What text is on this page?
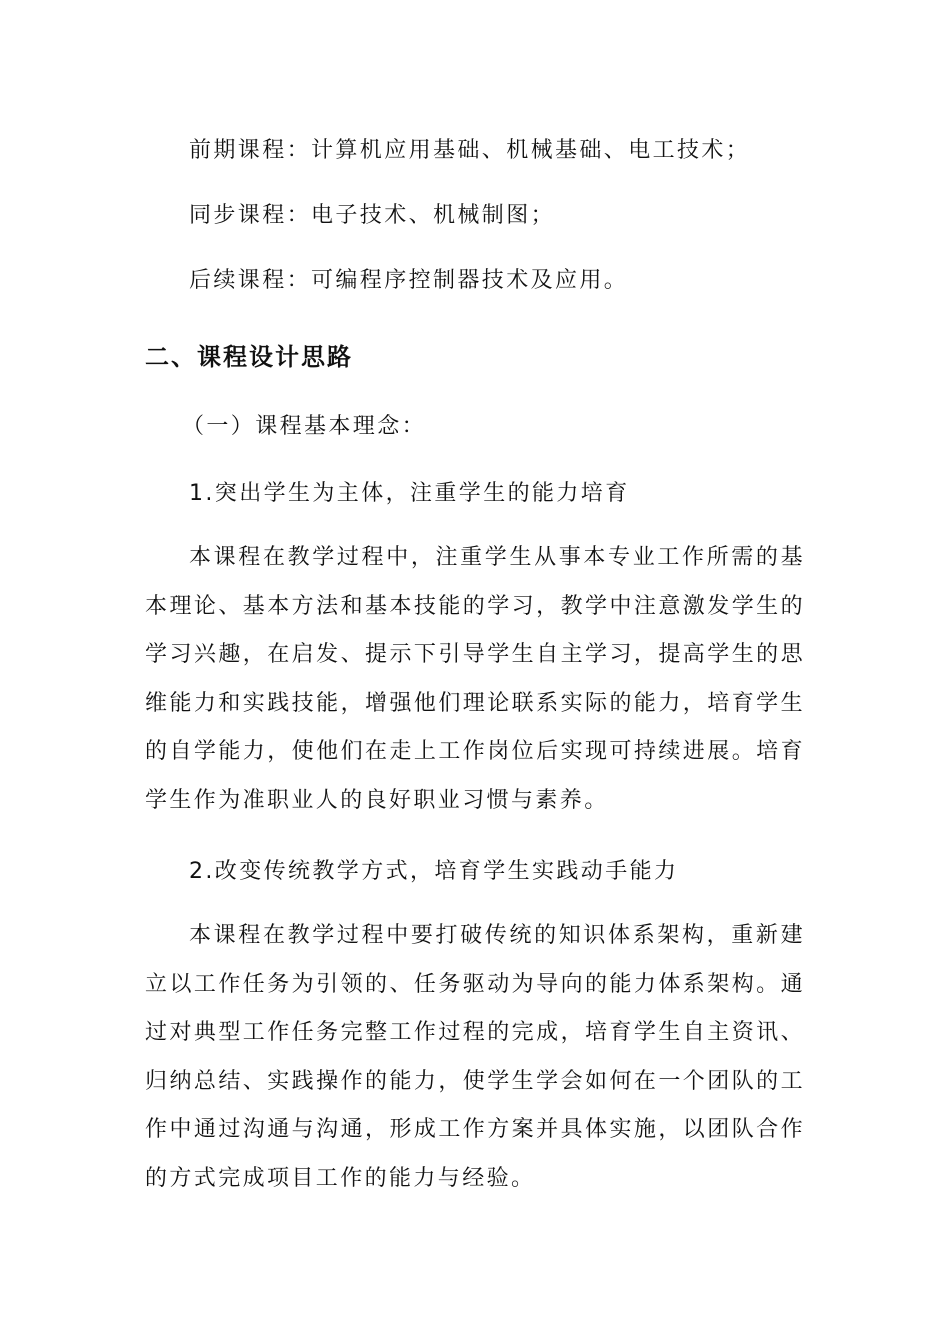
前期课程：计算机应用基础、机械基础、电工技术；
同步课程：电子技术、机械制图；
后续课程：可编程序控制器技术及应用。
二、课程设计思路
（一）课程基本理念：
1.突出学生为主体，注重学生的能力培育
本课程在教学过程中，注重学生从事本专业工作所需的基本理论、基本方法和基本技能的学习，教学中注意激发学生的学习兴趣，在启发、提示下引导学生自主学习，提高学生的思维能力和实践技能，增强他们理论联系实际的能力，培育学生的自学能力，使他们在走上工作岗位后实现可持续进展。培育学生作为准职业人的良好职业习惯与素养。
2.改变传统教学方式，培育学生实践动手能力
本课程在教学过程中要打破传统的知识体系架构，重新建立以工作任务为引领的、任务驱动为导向的能力体系架构。通过对典型工作任务完整工作过程的完成，培育学生自主资讯、归纳总结、实践操作的能力，使学生学会如何在一个团队的工作中通过沟通与沟通，形成工作方案并具体实施，以团队合作的方式完成项目工作的能力与经验。
